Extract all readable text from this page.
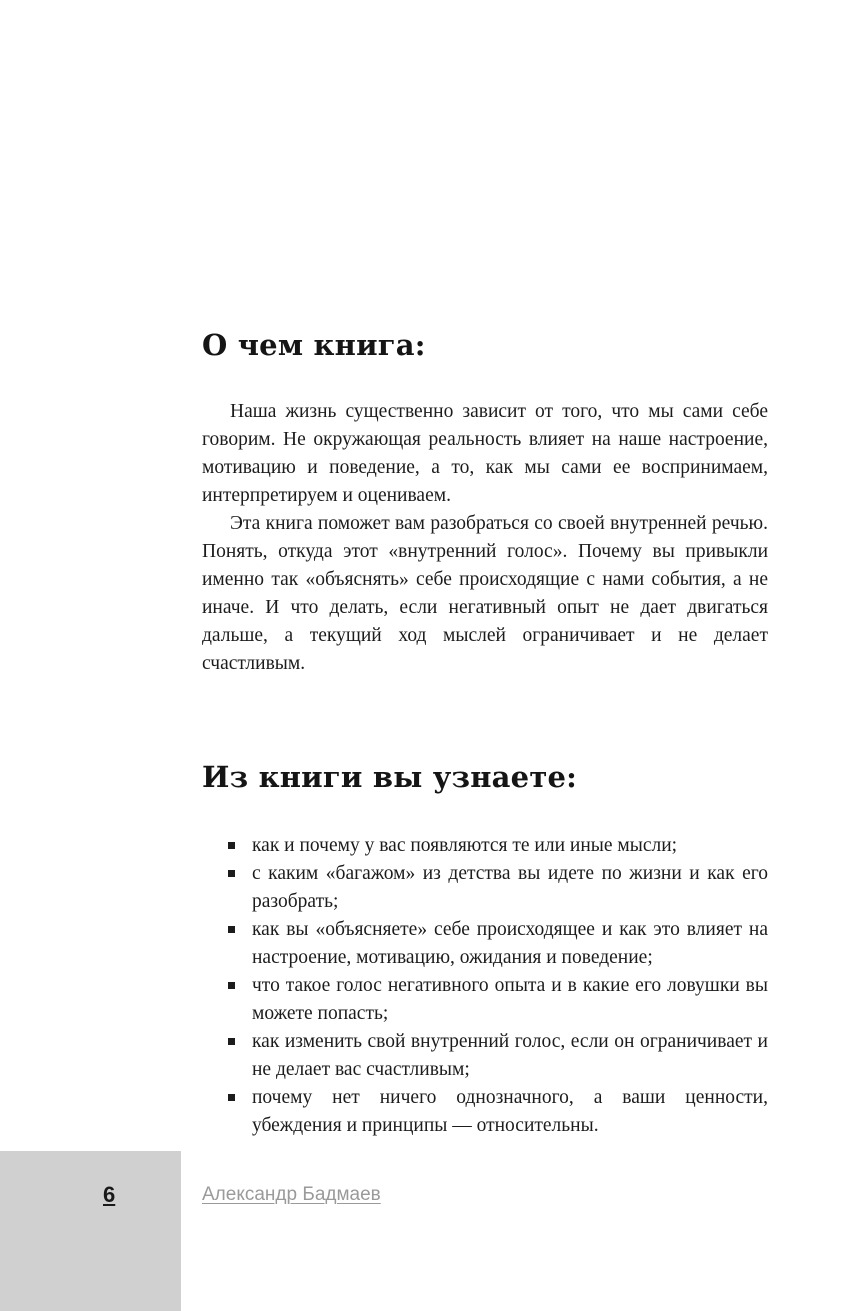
О чем книга:

Наша жизнь существенно зависит от того, что мы сами себе говорим. Не окружающая реальность влияет на наше настроение, мотивацию и поведение, а то, как мы сами ее воспринимаем, интерпретируем и оцениваем.

Эта книга поможет вам разобраться со своей внутренней речью. Понять, откуда этот «внутренний голос». Почему вы привыкли именно так «объяснять» себе происходящие с нами события, а не иначе. И что делать, если негативный опыт не дает двигаться дальше, а текущий ход мыслей ограничивает и не делает счастливым.

Из книги вы узнаете:
как и почему у вас появляются те или иные мысли;
с каким «багажом» из детства вы идете по жизни и как его разобрать;
как вы «объясняете» себе происходящее и как это влияет на настроение, мотивацию, ожидания и поведение;
что такое голос негативного опыта и в какие его ловушки вы можете попасть;
как изменить свой внутренний голос, если он ограничивает и не делает вас счастливым;
почему нет ничего однозначного, а ваши ценности, убеждения и принципы — относительны.
6	Александр Бадмаев
